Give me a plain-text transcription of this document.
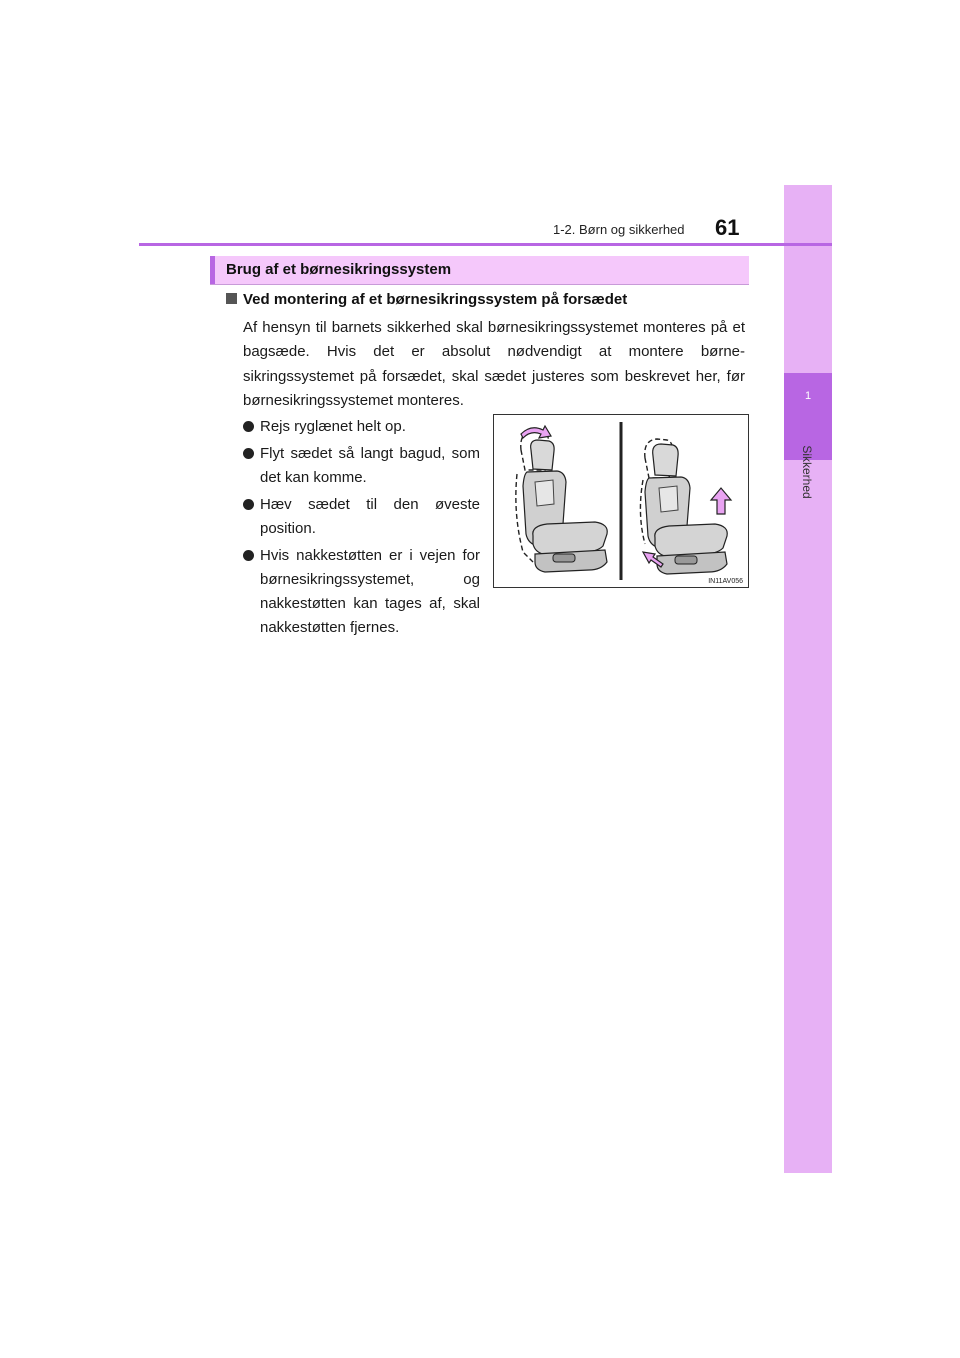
1
Sikkerhed
1-2. Børn og sikkerhed 61
Brug af et børnesikringssystem
Ved montering af et børnesikringssystem på forsædet
Af hensyn til barnets sikkerhed skal børnesikringssystemet monteres på et bagsæde. Hvis det er absolut nødvendigt at montere børne-sikringssystemet på forsædet, skal sædet justeres som beskrevet her, før børnesikringssystemet monteres.
Rejs ryglænet helt op.
Flyt sædet så langt bagud, som det kan komme.
Hæv sædet til den øveste position.
Hvis nakkestøtten er i vejen for børnesikringssystemet, og nakkestøtten kan tages af, skal nakkestøtten fjernes.
IN11AV056
